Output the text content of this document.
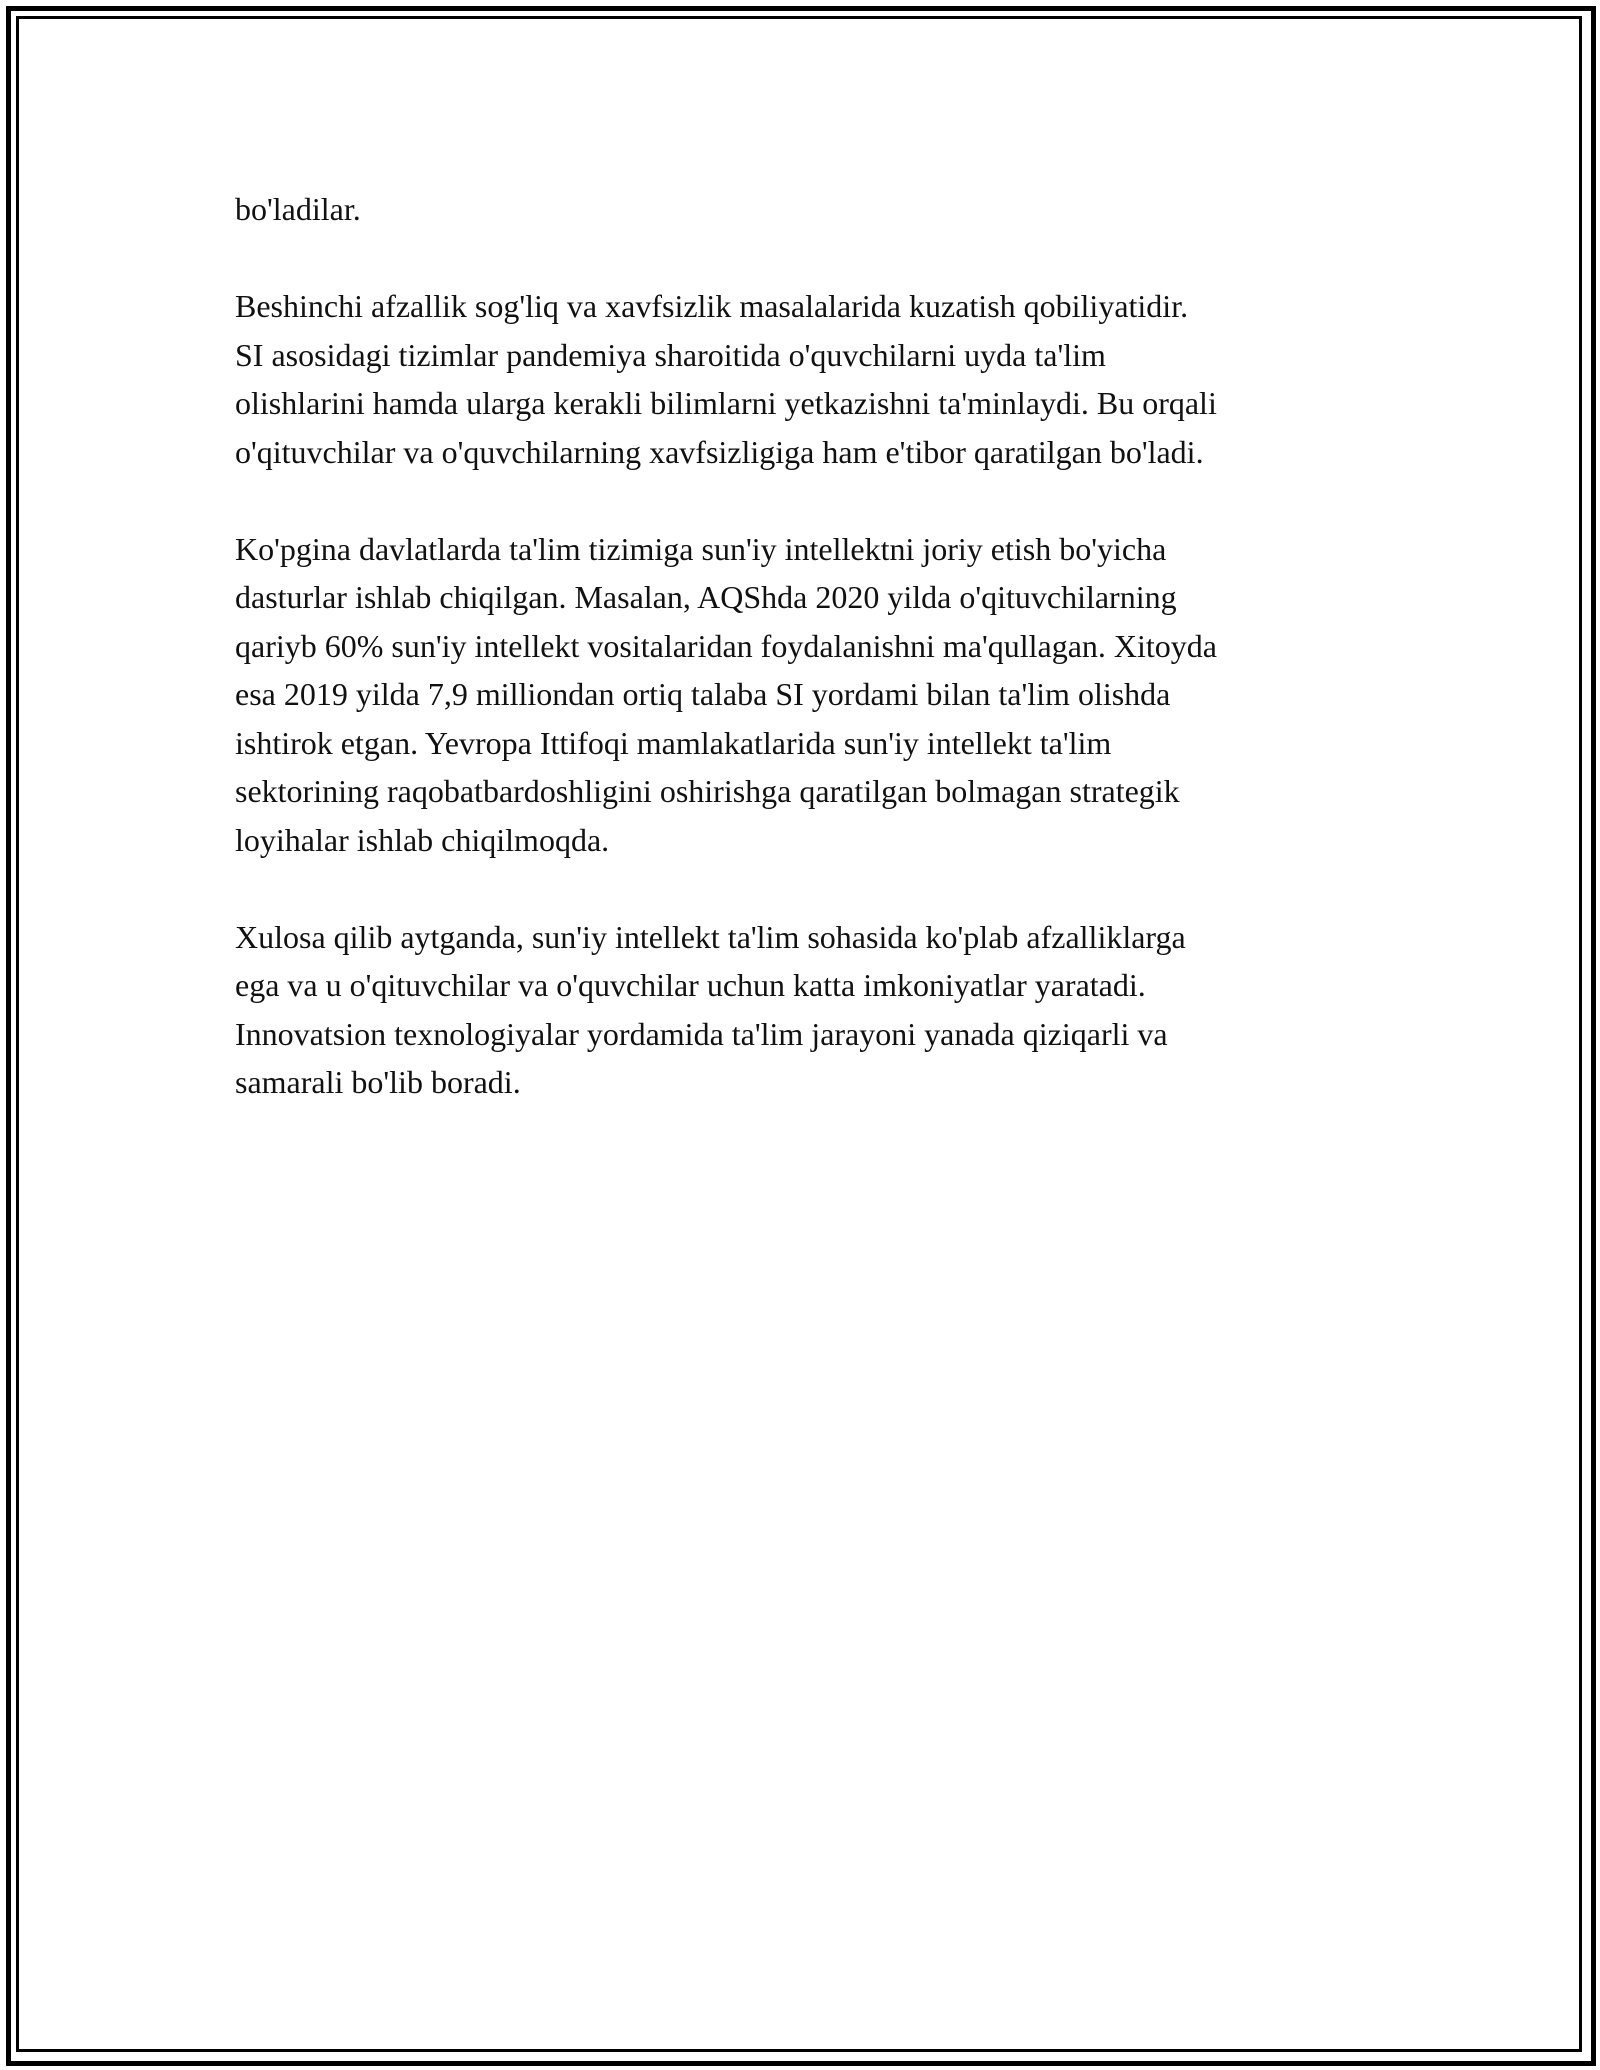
bo'ladilar.

Beshinchi afzallik sog'liq va xavfsizlik masalalarida kuzatish qobiliyatidir.
SI asosidagi tizimlar pandemiya sharoitida o'quvchilarni uyda ta'lim
olishlarini hamda ularga kerakli bilimlarni yetkazishni ta'minlaydi. Bu orqali
o'qituvchilar va o'quvchilarning xavfsizligiga ham e'tibor qaratilgan bo'ladi.

Ko'pgina davlatlarda ta'lim tizimiga sun'iy intellektni joriy etish bo'yicha
dasturlar ishlab chiqilgan. Masalan, AQShda 2020 yilda o'qituvchilarning
qariyb 60% sun'iy intellekt vositalaridan foydalanishni ma'qullagan. Xitoyda
esa 2019 yilda 7,9 milliondan ortiq talaba SI yordami bilan ta'lim olishda
ishtirok etgan. Yevropa Ittifoqi mamlakatlarida sun'iy intellekt ta'lim
sektorining raqobatbardoshligini oshirishga qaratilgan bolmagan strategik
loyihalar ishlab chiqilmoqda.

Xulosa qilib aytganda, sun'iy intellekt ta'lim sohasida ko'plab afzalliklarga
ega va u o'qituvchilar va o'quvchilar uchun katta imkoniyatlar yaratadi.
Innovatsion texnologiyalar yordamida ta'lim jarayoni yanada qiziqarli va
samarali bo'lib boradi.
